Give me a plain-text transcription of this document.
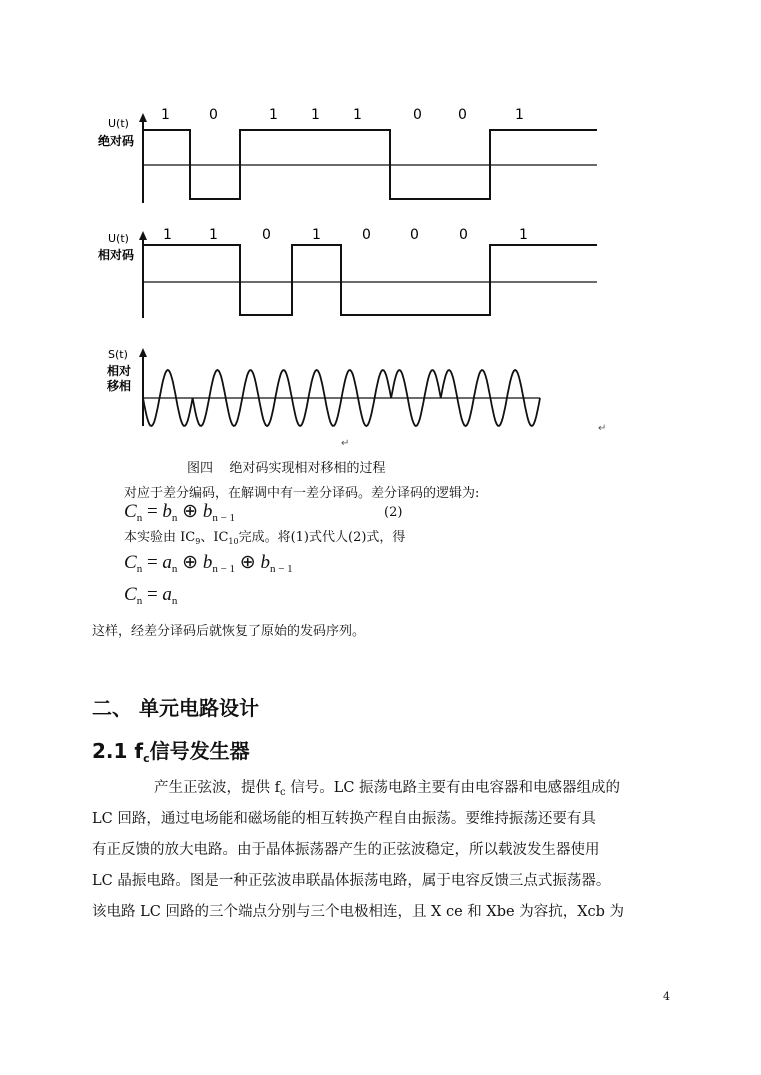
U(t)
绝对码
U(t)
相对码
S(t)
相对
移相
1	0	1 1 1	0	0	1
1	1	0	1	0	0	0	1
↵
↵
图四    绝对码实现相对移相的过程
对应于差分编码，在解调中有一差分译码。差分译码的逻辑为:
$C_n = b_n$ ⊕ $b_{n - 1}$	(2)
本实验由 $IC_9$、$IC_{10}$完成。将(1)式代人(2)式，得
$C_n = a_n$ ⊕ $b_{n - 1}$ ⊕ $b_{n - 1}$
$C_n = a_n$
这样，经差分译码后就恢复了原始的发码序列。
二、 单元电路设计
2.1 $f_c$信号发生器
产生正弦波，提供 $f_c$ 信号。LC 振荡电路主要有由电容器和电感器组成的
LC 回路，通过电场能和磁场能的相互转换产程自由振荡。要维持振荡还要有具
有正反馈的放大电路。由于晶体振荡器产生的正弦波稳定，所以载波发生器使用
LC 晶振电路。图是一种正弦波串联晶体振荡电路，属于电容反馈三点式振荡器。
该电路 LC 回路的三个端点分别与三个电极相连，且 X ce 和 Xbe 为容抗，Xcb 为
4
